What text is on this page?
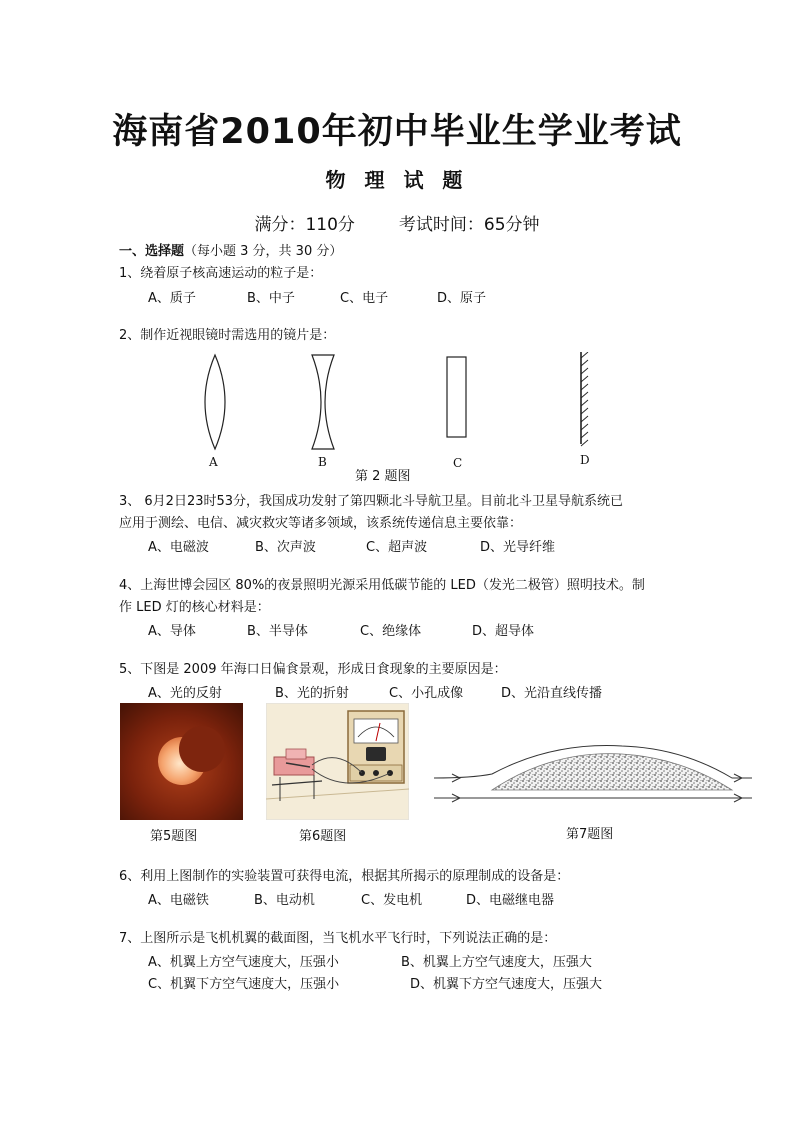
海南省2010年初中毕业生学业考试
物 理 试 题
满分：110分	考试时间：65分钟
一、选择题（每小题 3 分，共 30 分）
1、绕着原子核高速运动的粒子是：
A、质子	B、中子	C、电子	D、原子
2、制作近视眼镜时需选用的镜片是：
A	B	C	D
第 2 题图
3、 6月2日23时53分，我国成功发射了第四颗北斗导航卫星。目前北斗卫星导航系统已
应用于测绘、电信、减灾救灾等诸多领域，该系统传递信息主要依靠：
A、电磁波	B、次声波	C、超声波	D、光导纤维
4、上海世博会园区 80%的夜景照明光源采用低碳节能的 LED（发光二极管）照明技术。制
作 LED 灯的核心材料是：
A、导体	B、半导体	C、绝缘体	D、超导体
5、下图是 2009 年海口日偏食景观，形成日食现象的主要原因是：
A、光的反射	B、光的折射	C、小孔成像	D、光沿直线传播
第5题图	第6题图	第7题图
6、利用上图制作的实验装置可获得电流，根据其所揭示的原理制成的设备是：
A、电磁铁	B、电动机	C、发电机	D、电磁继电器
7、上图所示是飞机机翼的截面图，当飞机水平飞行时，下列说法正确的是：
A、机翼上方空气速度大，压强小	B、机翼上方空气速度大，压强大
C、机翼下方空气速度大，压强小	D、机翼下方空气速度大，压强大
